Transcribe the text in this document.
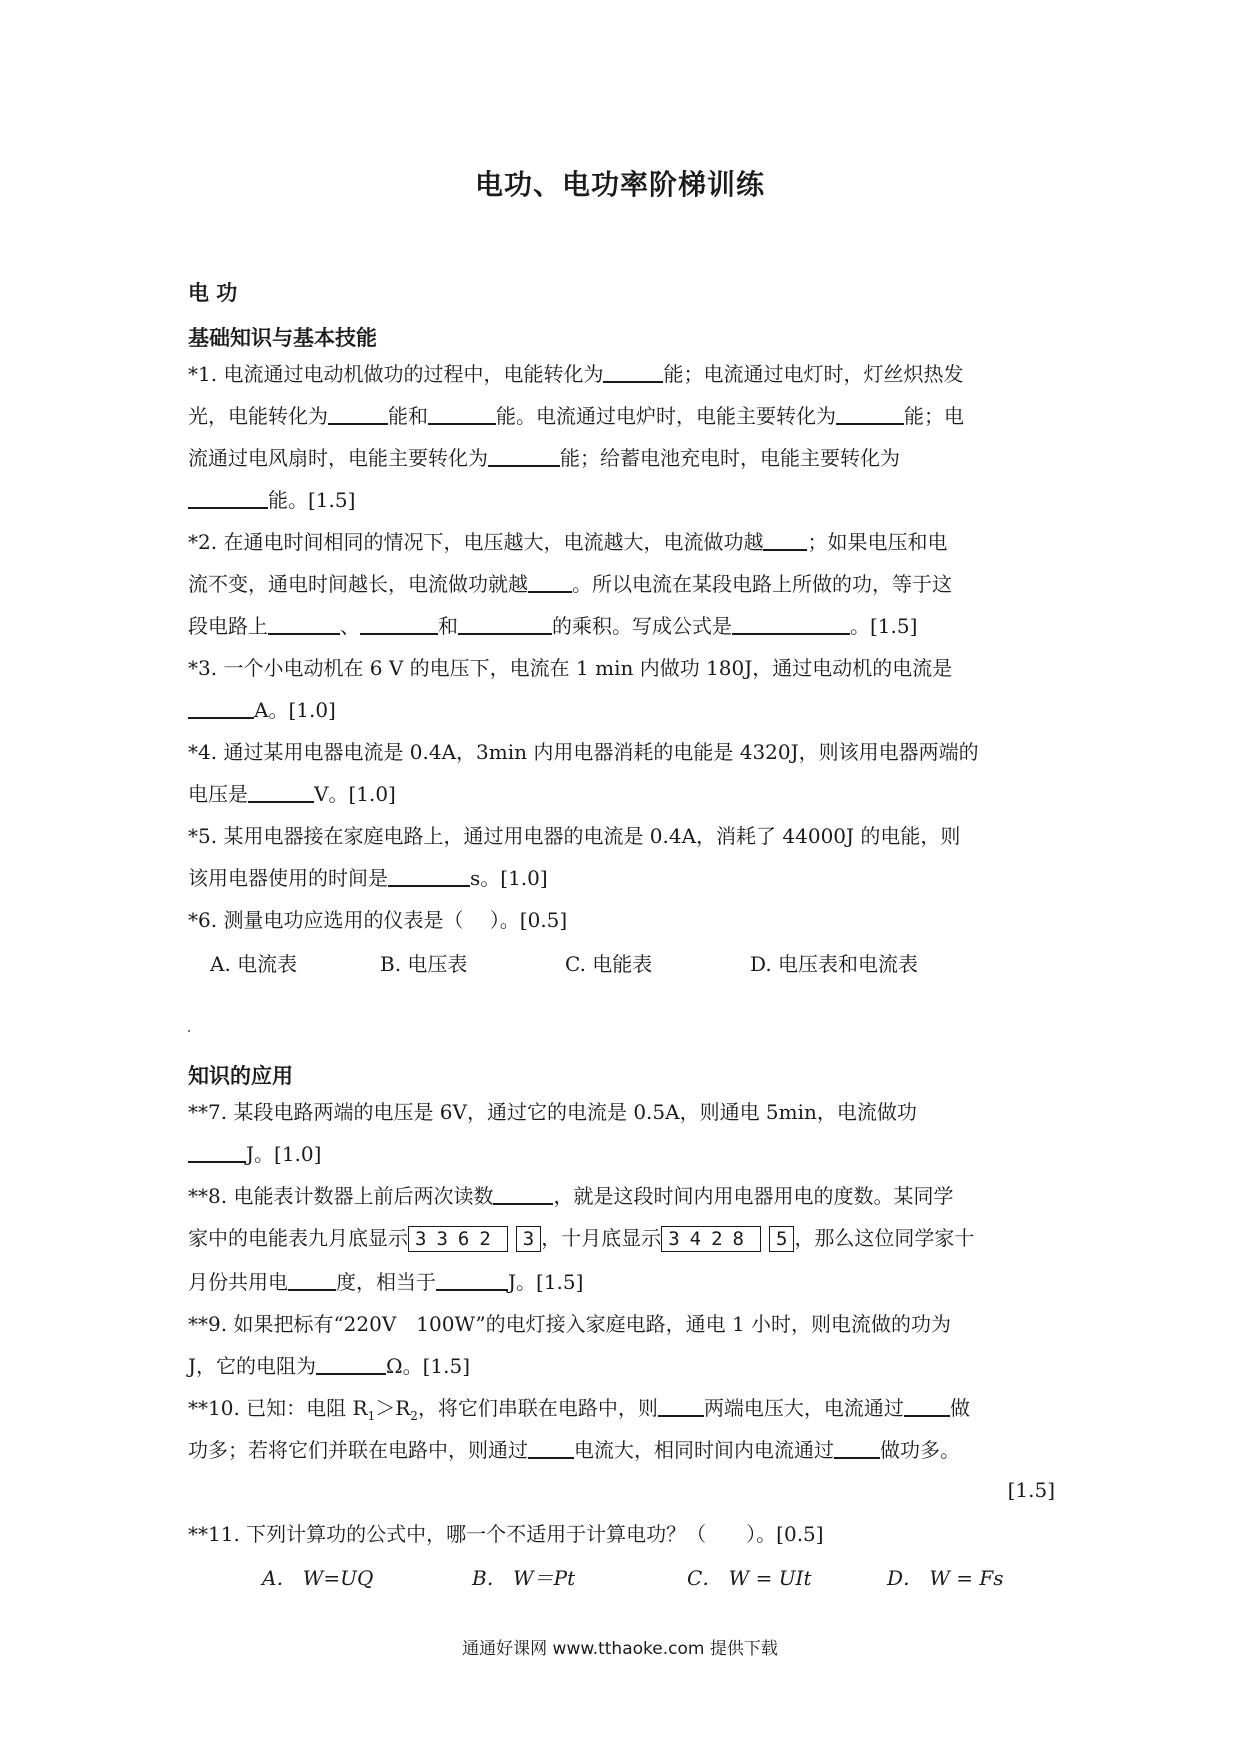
电功、电功率阶梯训练
电 功
基础知识与基本技能
*1. 电流通过电动机做功的过程中，电能转化为	能；电流通过电灯时，灯丝炽热发
光，电能转化为	能和	能。电流通过电炉时，电能主要转化为	能；电
流通过电风扇时，电能主要转化为	能；给蓄电池充电时，电能主要转化为
能。[1.5]
*2. 在通电时间相同的情况下，电压越大，电流越大，电流做功越 ；如果电压和电
流不变，通电时间越长，电流做功就越 。所以电流在某段电路上所做的功，等于这
段电路上	、	和	的乘积。写成公式是	。[1.5]
*3. 一个小电动机在 6 V 的电压下，电流在 1 min 内做功 180J，通过电动机的电流是
A。[1.0]
*4. 通过某用电器电流是 0.4A，3min 内用电器消耗的电能是 4320J，则该用电器两端的
电压是	V。[1.0]
*5. 某用电器接在家庭电路上，通过用电器的电流是 0.4A，消耗了 44000J 的电能，则
该用电器使用的时间是	s。[1.0]
*6. 测量电功应选用的仪表是（　 ）。[0.5]
A. 电流表	B. 电压表	C. 电能表	D. 电压表和电流表
知识的应用
**7. 某段电路两端的电压是 6V，通过它的电流是 0.5A，则通电 5min，电流做功
J。[1.0]
**8. 电能表计数器上前后两次读数	，就是这段时间内用电器用电的度数。某同学
家中的电能表九月底显示 3362 3 ，十月底显示 3428 5 ，那么这位同学家十
月份共用电 度，相当于	J。[1.5]
**9. 如果把标有“220V　100W”的电灯接入家庭电路，通电 1 小时，则电流做的功为
J，它的电阻为	Ω。[1.5]
**10. 已知：电阻 $R_1>R_2$，将它们串联在电路中，则 两端电压大，电流通过 做
功多；若将它们并联在电路中，则通过 电流大，相同时间内电流通过 做功多。
[1.5]
**11. 下列计算功的公式中，哪一个不适用于计算电功？（　　）。[0.5]
A． W=UQ	B． W＝Pt	C． W = UIt	D． W = Fs
通通好课网 www.tthaoke.com 提供下载
